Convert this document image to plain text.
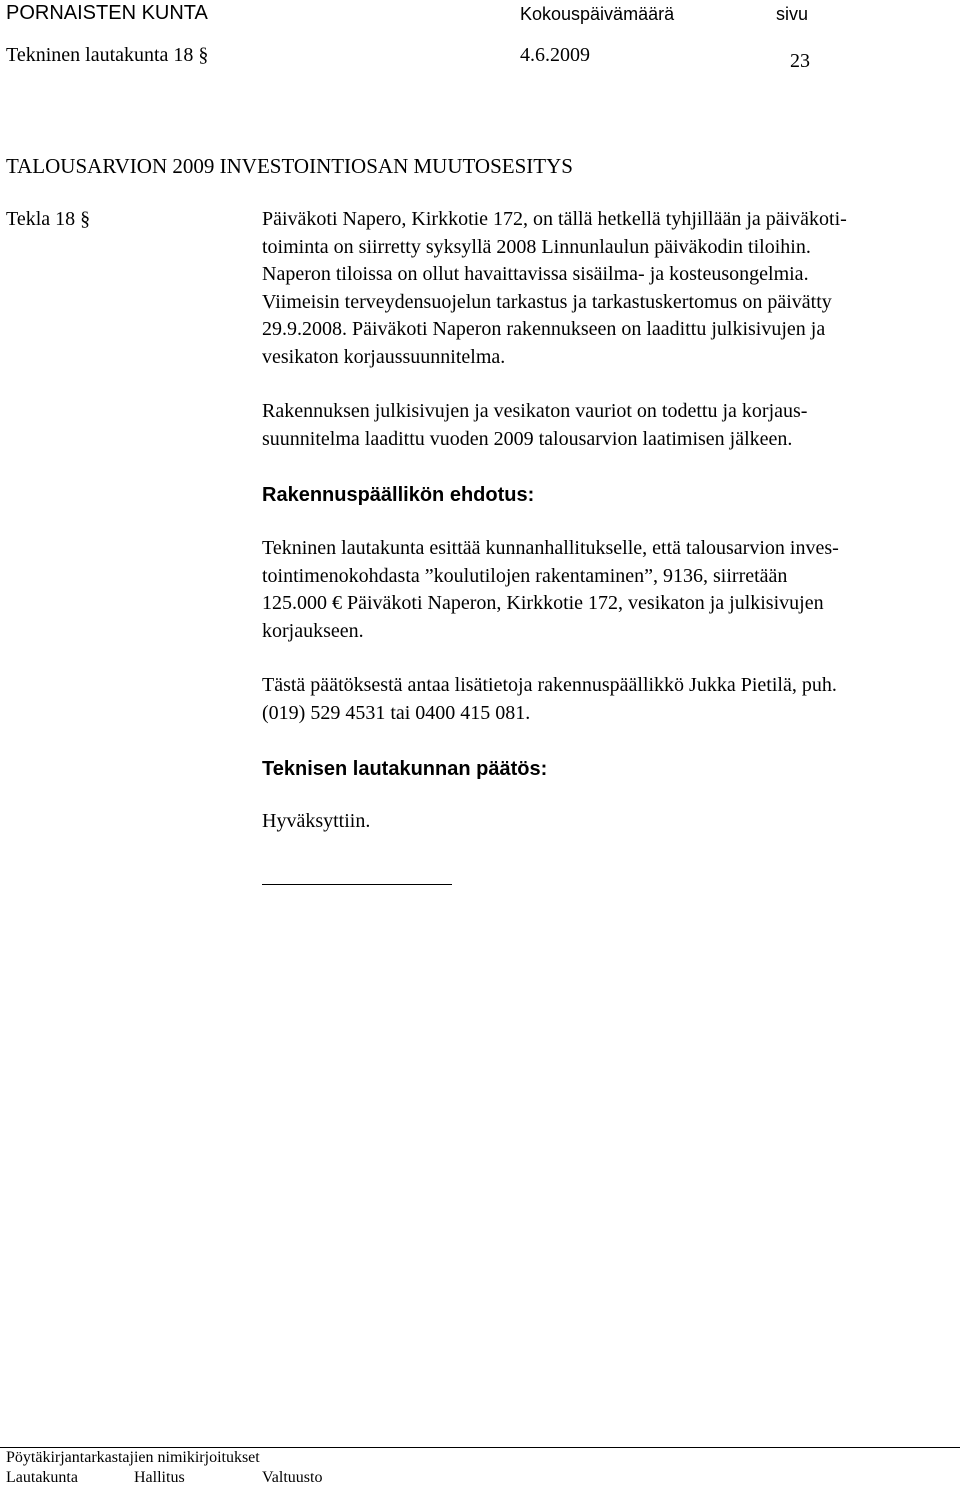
PORNAISTEN KUNTA	Kokouspäivämäärä	sivu
Tekninen lautakunta 18 §	4.6.2009	23
TALOUSARVION 2009 INVESTOINTIOSAN MUUTOSESITYS
Tekla 18 §	Päiväkoti Napero, Kirkkotie 172, on tällä hetkellä tyhjillään ja päiväkoti-
toiminta on siirretty syksyllä 2008 Linnunlaulun päiväkodin tiloihin.
Naperon tiloissa on ollut havaittavissa sisäilma- ja kosteusongelmia.
Viimeisin terveydensuojelun tarkastus ja tarkastuskertomus on päivätty
29.9.2008. Päiväkoti Naperon rakennukseen on laadittu julkisivujen ja
vesikaton korjaussuunnitelma.
Rakennuksen julkisivujen ja vesikaton vauriot on todettu ja korjaus-
suunnitelma laadittu vuoden 2009 talousarvion laatimisen jälkeen.
Rakennuspäällikön ehdotus:
Tekninen lautakunta esittää kunnanhallitukselle, että talousarvion inves-
tointimenokohdasta ”koulutilojen rakentaminen”, 9136, siirretään
125.000 € Päiväkoti Naperon, Kirkkotie 172, vesikaton ja julkisivujen
korjaukseen.
Tästä päätöksestä antaa lisätietoja rakennuspäällikkö Jukka Pietilä, puh.
(019) 529 4531 tai 0400 415 081.
Teknisen lautakunnan päätös:
Hyväksyttiin.
Pöytäkirjantarkastajien nimikirjoitukset
Lautakunta	Hallitus	Valtuusto
